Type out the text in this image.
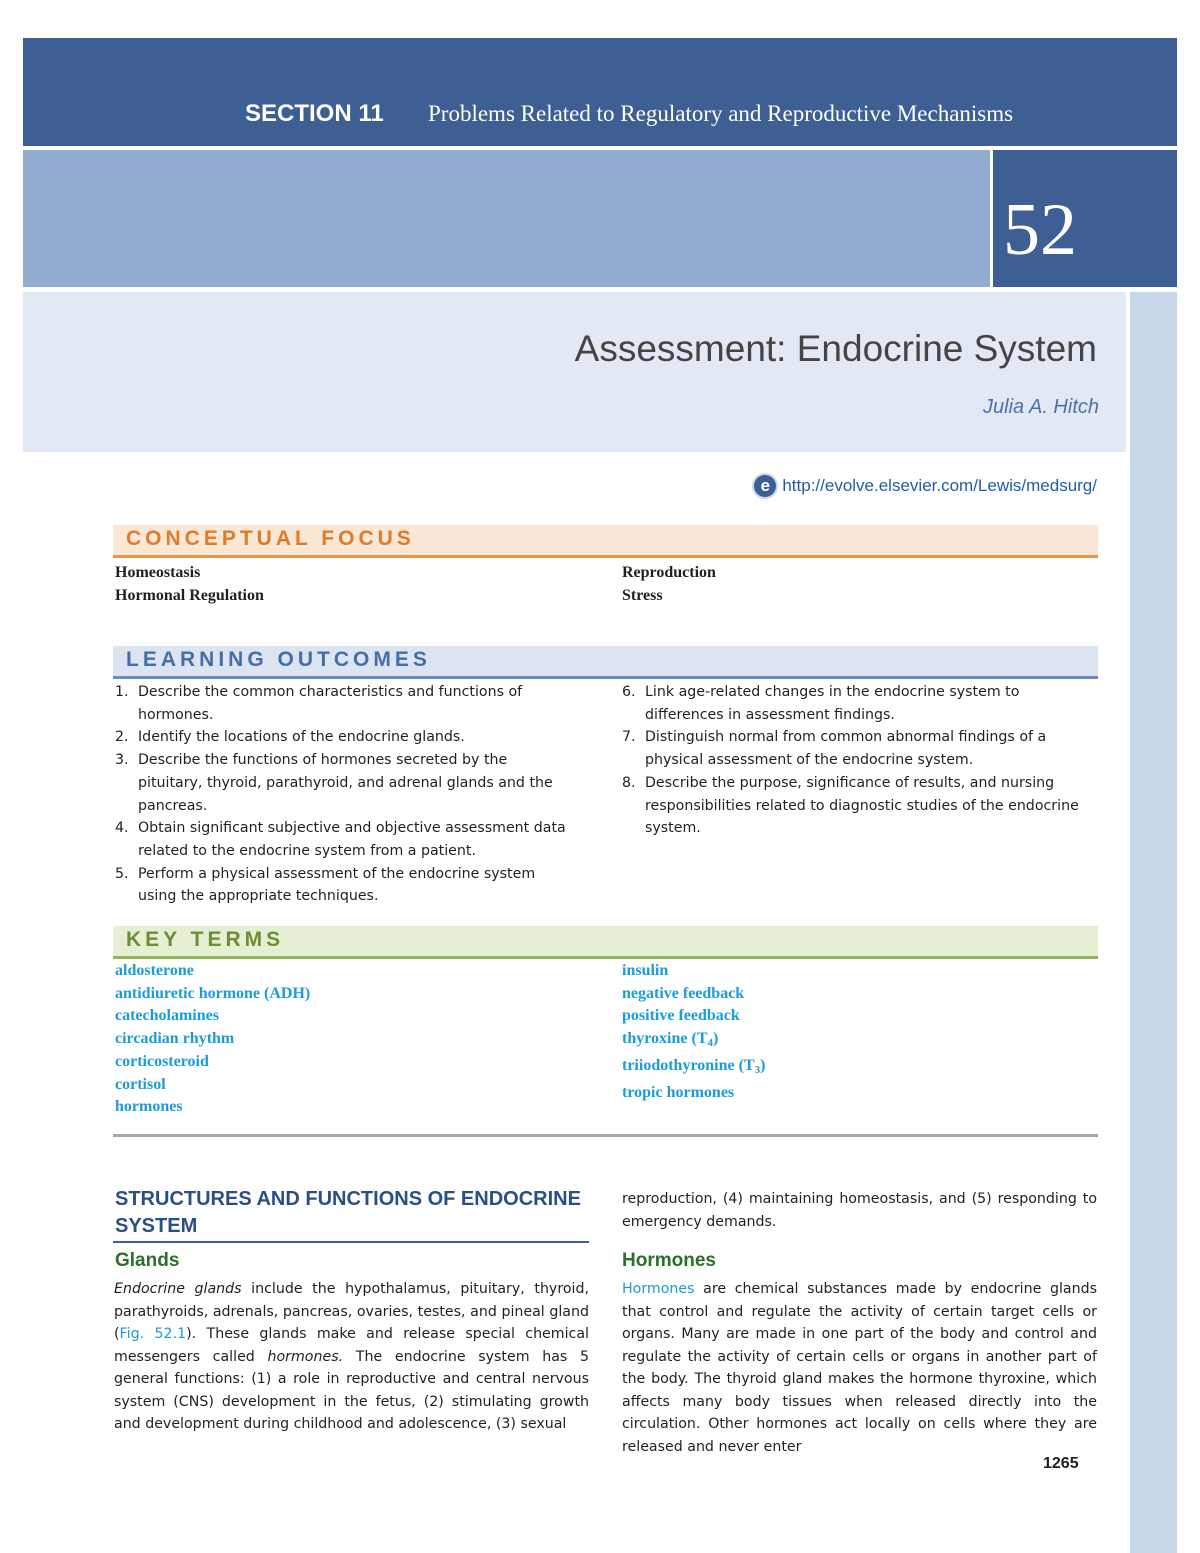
SECTION 11 Problems Related to Regulatory and Reproductive Mechanisms
52
Assessment: Endocrine System
Julia A. Hitch
e http://evolve.elsevier.com/Lewis/medsurg/
CONCEPTUAL FOCUS
Homeostasis
Hormonal Regulation
Reproduction
Stress
LEARNING OUTCOMES
1. Describe the common characteristics and functions of hormones.
2. Identify the locations of the endocrine glands.
3. Describe the functions of hormones secreted by the pituitary, thyroid, parathyroid, and adrenal glands and the pancreas.
4. Obtain significant subjective and objective assessment data related to the endocrine system from a patient.
5. Perform a physical assessment of the endocrine system using the appropriate techniques.
6. Link age-related changes in the endocrine system to differences in assessment findings.
7. Distinguish normal from common abnormal findings of a physical assessment of the endocrine system.
8. Describe the purpose, significance of results, and nursing responsibilities related to diagnostic studies of the endocrine system.
KEY TERMS
aldosterone
antidiuretic hormone (ADH)
catecholamines
circadian rhythm
corticosteroid
cortisol
hormones
insulin
negative feedback
positive feedback
thyroxine $(T_4)$
triiodothyronine $(T_3)$
tropic hormones
STRUCTURES AND FUNCTIONS OF ENDOCRINE SYSTEM
Glands
Endocrine glands include the hypothalamus, pituitary, thyroid, parathyroids, adrenals, pancreas, ovaries, testes, and pineal gland (Fig. 52.1). These glands make and release special chemical messengers called hormones. The endocrine system has 5 general functions: (1) a role in reproductive and central nervous system (CNS) development in the fetus, (2) stimulating growth and development during childhood and adolescence, (3) sexual
reproduction, (4) maintaining homeostasis, and (5) responding to emergency demands.
Hormones
Hormones are chemical substances made by endocrine glands that control and regulate the activity of certain target cells or organs. Many are made in one part of the body and control and regulate the activity of certain cells or organs in another part of the body. The thyroid gland makes the hormone thyroxine, which affects many body tissues when released directly into the circulation. Other hormones act locally on cells where they are released and never enter
1265
